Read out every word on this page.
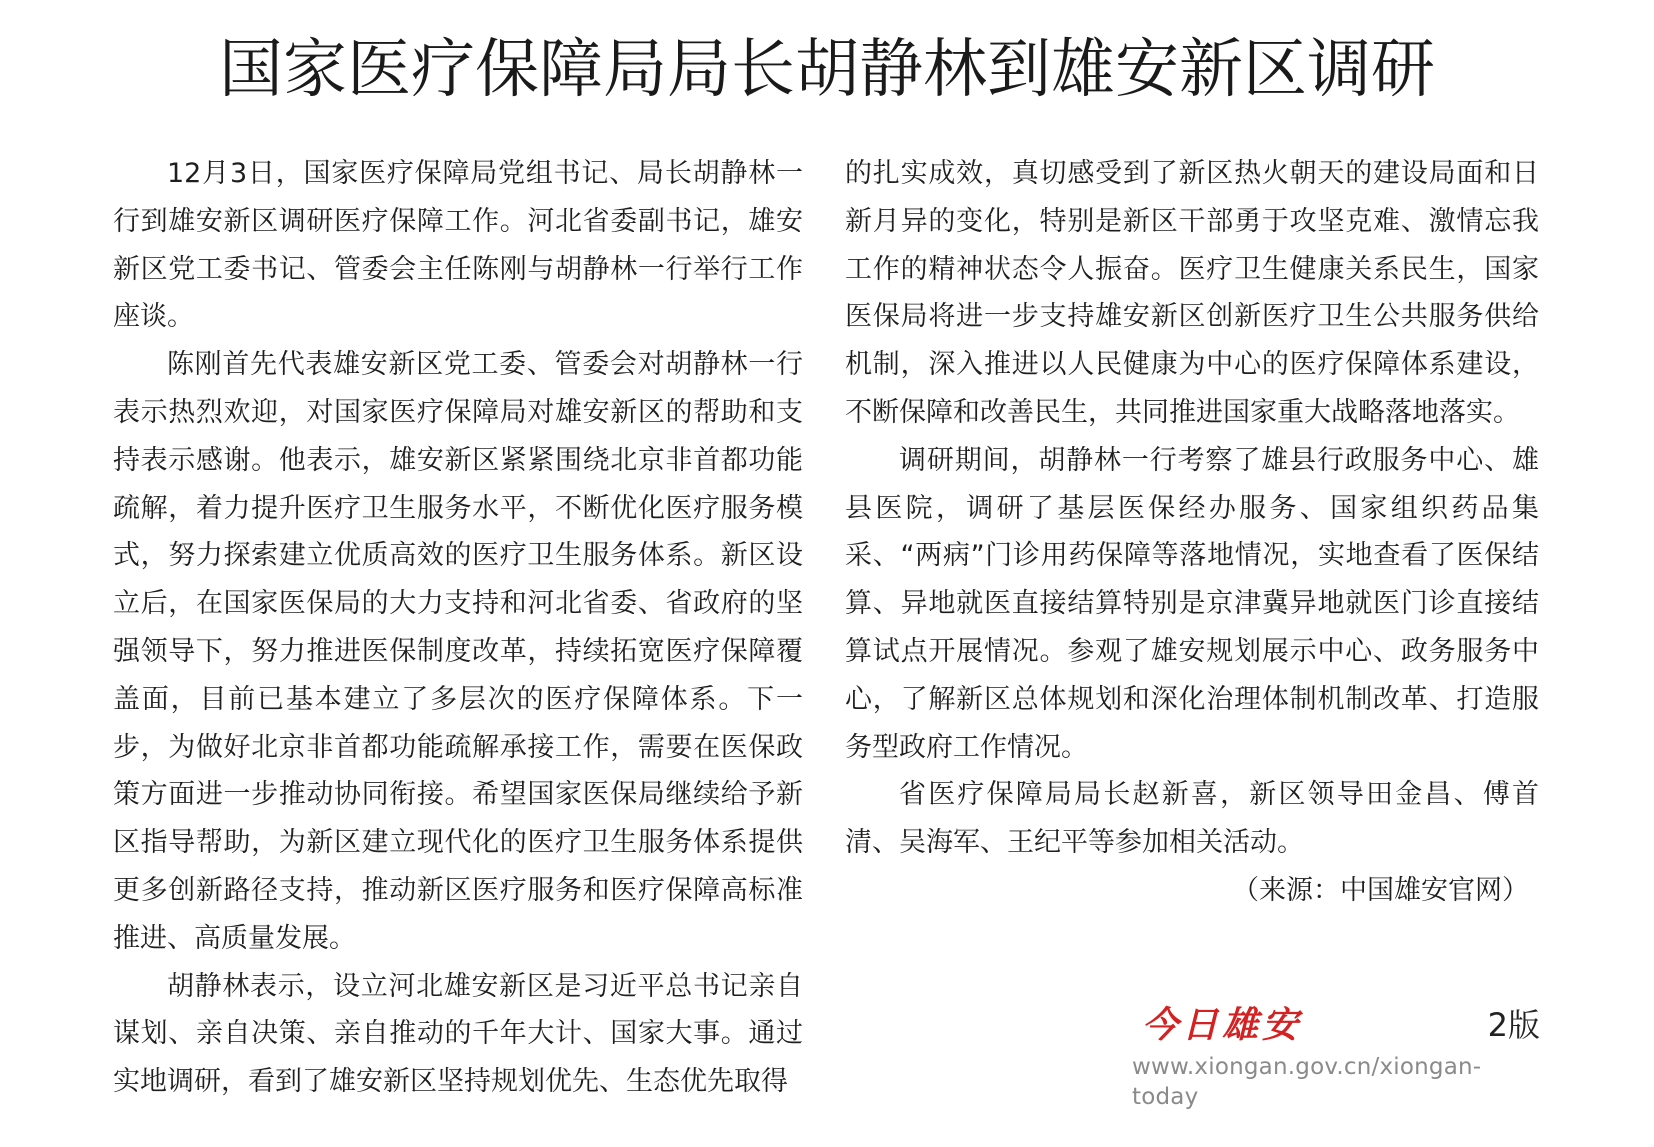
国家医疗保障局局长胡静林到雄安新区调研

12月3日，国家医疗保障局党组书记、局长胡静林一行到雄安新区调研医疗保障工作。河北省委副书记，雄安新区党工委书记、管委会主任陈刚与胡静林一行举行工作座谈。

陈刚首先代表雄安新区党工委、管委会对胡静林一行表示热烈欢迎，对国家医疗保障局对雄安新区的帮助和支持表示感谢。他表示，雄安新区紧紧围绕北京非首都功能疏解，着力提升医疗卫生服务水平，不断优化医疗服务模式，努力探索建立优质高效的医疗卫生服务体系。新区设立后，在国家医保局的大力支持和河北省委、省政府的坚强领导下，努力推进医保制度改革，持续拓宽医疗保障覆盖面，目前已基本建立了多层次的医疗保障体系。下一步，为做好北京非首都功能疏解承接工作，需要在医保政策方面进一步推动协同衔接。希望国家医保局继续给予新区指导帮助，为新区建立现代化的医疗卫生服务体系提供更多创新路径支持，推动新区医疗服务和医疗保障高标准推进、高质量发展。

胡静林表示，设立河北雄安新区是习近平总书记亲自谋划、亲自决策、亲自推动的千年大计、国家大事。通过实地调研，看到了雄安新区坚持规划优先、生态优先取得

的扎实成效，真切感受到了新区热火朝天的建设局面和日新月异的变化，特别是新区干部勇于攻坚克难、激情忘我工作的精神状态令人振奋。医疗卫生健康关系民生，国家医保局将进一步支持雄安新区创新医疗卫生公共服务供给机制，深入推进以人民健康为中心的医疗保障体系建设，不断保障和改善民生，共同推进国家重大战略落地落实。

调研期间，胡静林一行考察了雄县行政服务中心、雄县医院，调研了基层医保经办服务、国家组织药品集采、“两病”门诊用药保障等落地情况，实地查看了医保结算、异地就医直接结算特别是京津冀异地就医门诊直接结算试点开展情况。参观了雄安规划展示中心、政务服务中心，了解新区总体规划和深化治理体制机制改革、打造服务型政府工作情况。

省医疗保障局局长赵新喜，新区领导田金昌、傅首清、吴海军、王纪平等参加相关活动。

（来源：中国雄安官网）

今日雄安	2版
www.xiongan.gov.cn/xiongan-today
